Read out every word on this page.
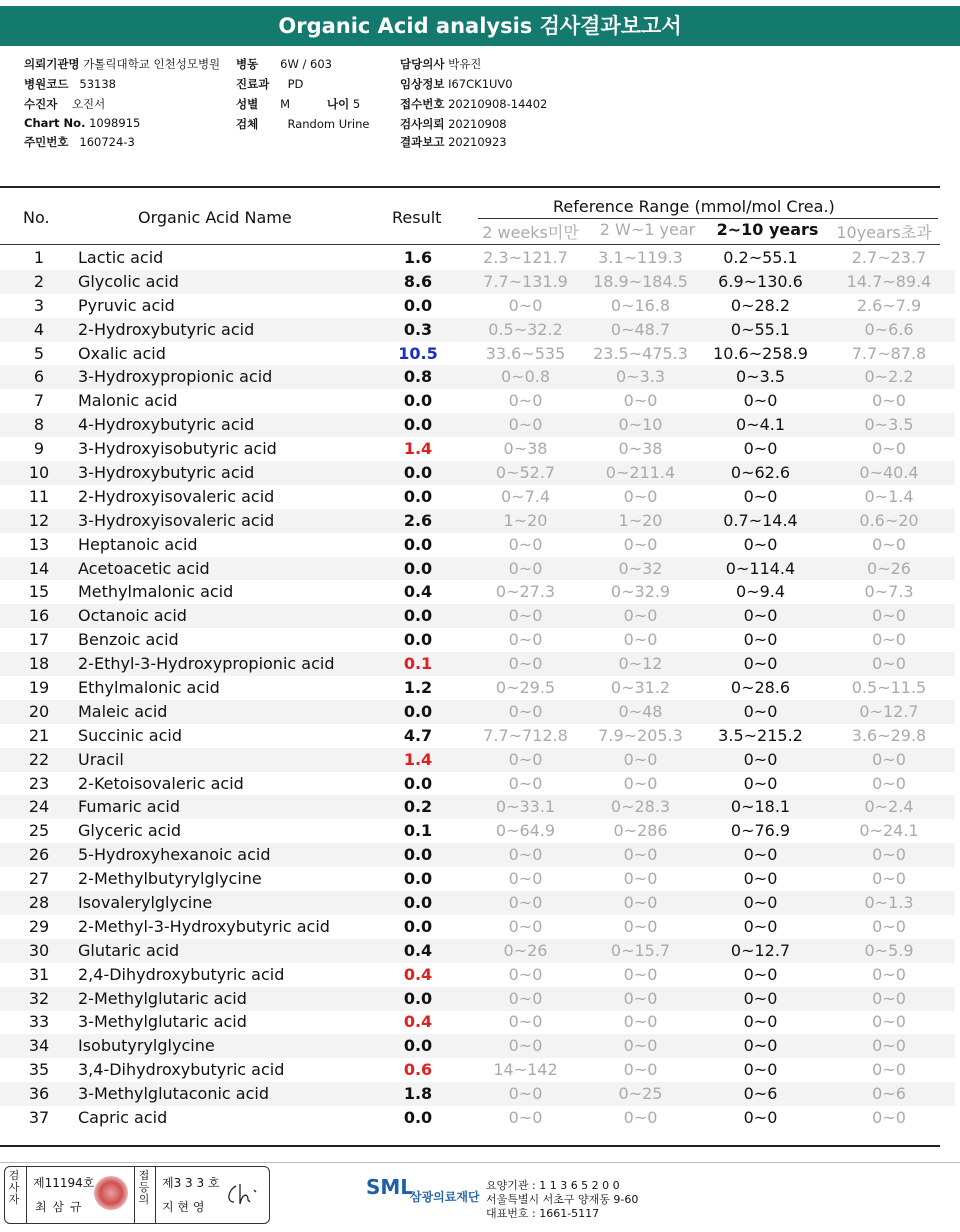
Organic Acid analysis 검사결과보고서
의뢰기관명 가톨릭대학교 인천성모병원
병원코드 53138
수진자 오진서
Chart No. 1098915
주민번호 160724-3
병동 6W / 603
진료과 PD
성별 M	나이 5
검체	Random Urine
담당의사 박유진
임상정보 I67CK1UV0
접수번호 20210908-14402
검사의뢰 20210908
결과보고 20210923
No.	Organic Acid Name	Result
Reference Range (mmol/mol Crea.)
2 weeks미만	2 W~1 year	2~10 years	10years초과
1	Lactic acid	1.6	2.3~121.7	3.1~119.3	0.2~55.1	2.7~23.7
2	Glycolic acid	8.6	7.7~131.9	18.9~184.5	6.9~130.6	14.7~89.4
3	Pyruvic acid	0.0	0~0	0~16.8	0~28.2	2.6~7.9
4	2-Hydroxybutyric acid	0.3	0.5~32.2	0~48.7	0~55.1	0~6.6
5	Oxalic acid	10.5	33.6~535	23.5~475.3	10.6~258.9	7.7~87.8
6	3-Hydroxypropionic acid	0.8	0~0.8	0~3.3	0~3.5	0~2.2
7	Malonic acid	0.0	0~0	0~0	0~0	0~0
8	4-Hydroxybutyric acid	0.0	0~0	0~10	0~4.1	0~3.5
9	3-Hydroxyisobutyric acid	1.4	0~38	0~38	0~0	0~0
10	3-Hydroxybutyric acid	0.0	0~52.7	0~211.4	0~62.6	0~40.4
11	2-Hydroxyisovaleric acid	0.0	0~7.4	0~0	0~0	0~1.4
12	3-Hydroxyisovaleric acid	2.6	1~20	1~20	0.7~14.4	0.6~20
13	Heptanoic acid	0.0	0~0	0~0	0~0	0~0
14	Acetoacetic acid	0.0	0~0	0~32	0~114.4	0~26
15	Methylmalonic acid	0.4	0~27.3	0~32.9	0~9.4	0~7.3
16	Octanoic acid	0.0	0~0	0~0	0~0	0~0
17	Benzoic acid	0.0	0~0	0~0	0~0	0~0
18	2-Ethyl-3-Hydroxypropionic acid	0.1	0~0	0~12	0~0	0~0
19	Ethylmalonic acid	1.2	0~29.5	0~31.2	0~28.6	0.5~11.5
20	Maleic acid	0.0	0~0	0~48	0~0	0~12.7
21	Succinic acid	4.7	7.7~712.8	7.9~205.3	3.5~215.2	3.6~29.8
22	Uracil	1.4	0~0	0~0	0~0	0~0
23	2-Ketoisovaleric acid	0.0	0~0	0~0	0~0	0~0
24	Fumaric acid	0.2	0~33.1	0~28.3	0~18.1	0~2.4
25	Glyceric acid	0.1	0~64.9	0~286	0~76.9	0~24.1
26	5-Hydroxyhexanoic acid	0.0	0~0	0~0	0~0	0~0
27	2-Methylbutyrylglycine	0.0	0~0	0~0	0~0	0~0
28	Isovalerylglycine	0.0	0~0	0~0	0~0	0~1.3
29	2-Methyl-3-Hydroxybutyric acid	0.0	0~0	0~0	0~0	0~0
30	Glutaric acid	0.4	0~26	0~15.7	0~12.7	0~5.9
31	2,4-Dihydroxybutyric acid	0.4	0~0	0~0	0~0	0~0
32	2-Methylglutaric acid	0.0	0~0	0~0	0~0	0~0
33	3-Methylglutaric acid	0.4	0~0	0~0	0~0	0~0
34	Isobutyrylglycine	0.0	0~0	0~0	0~0	0~0
35	3,4-Dihydroxybutyric acid	0.6	14~142	0~0	0~0	0~0
36	3-Methylglutaconic acid	1.8	0~0	0~25	0~6	0~6
37	Capric acid	0.0	0~0	0~0	0~0	0~0
검사자
제11194호
최 삼 규
접등의
제3 3 3 호
지 현 영
SML
삼광의료재단
요양기관 : 1 1 3 6 5 2 0 0
서울특별시 서초구 양재동 9-60
대표번호 : 1661-5117
